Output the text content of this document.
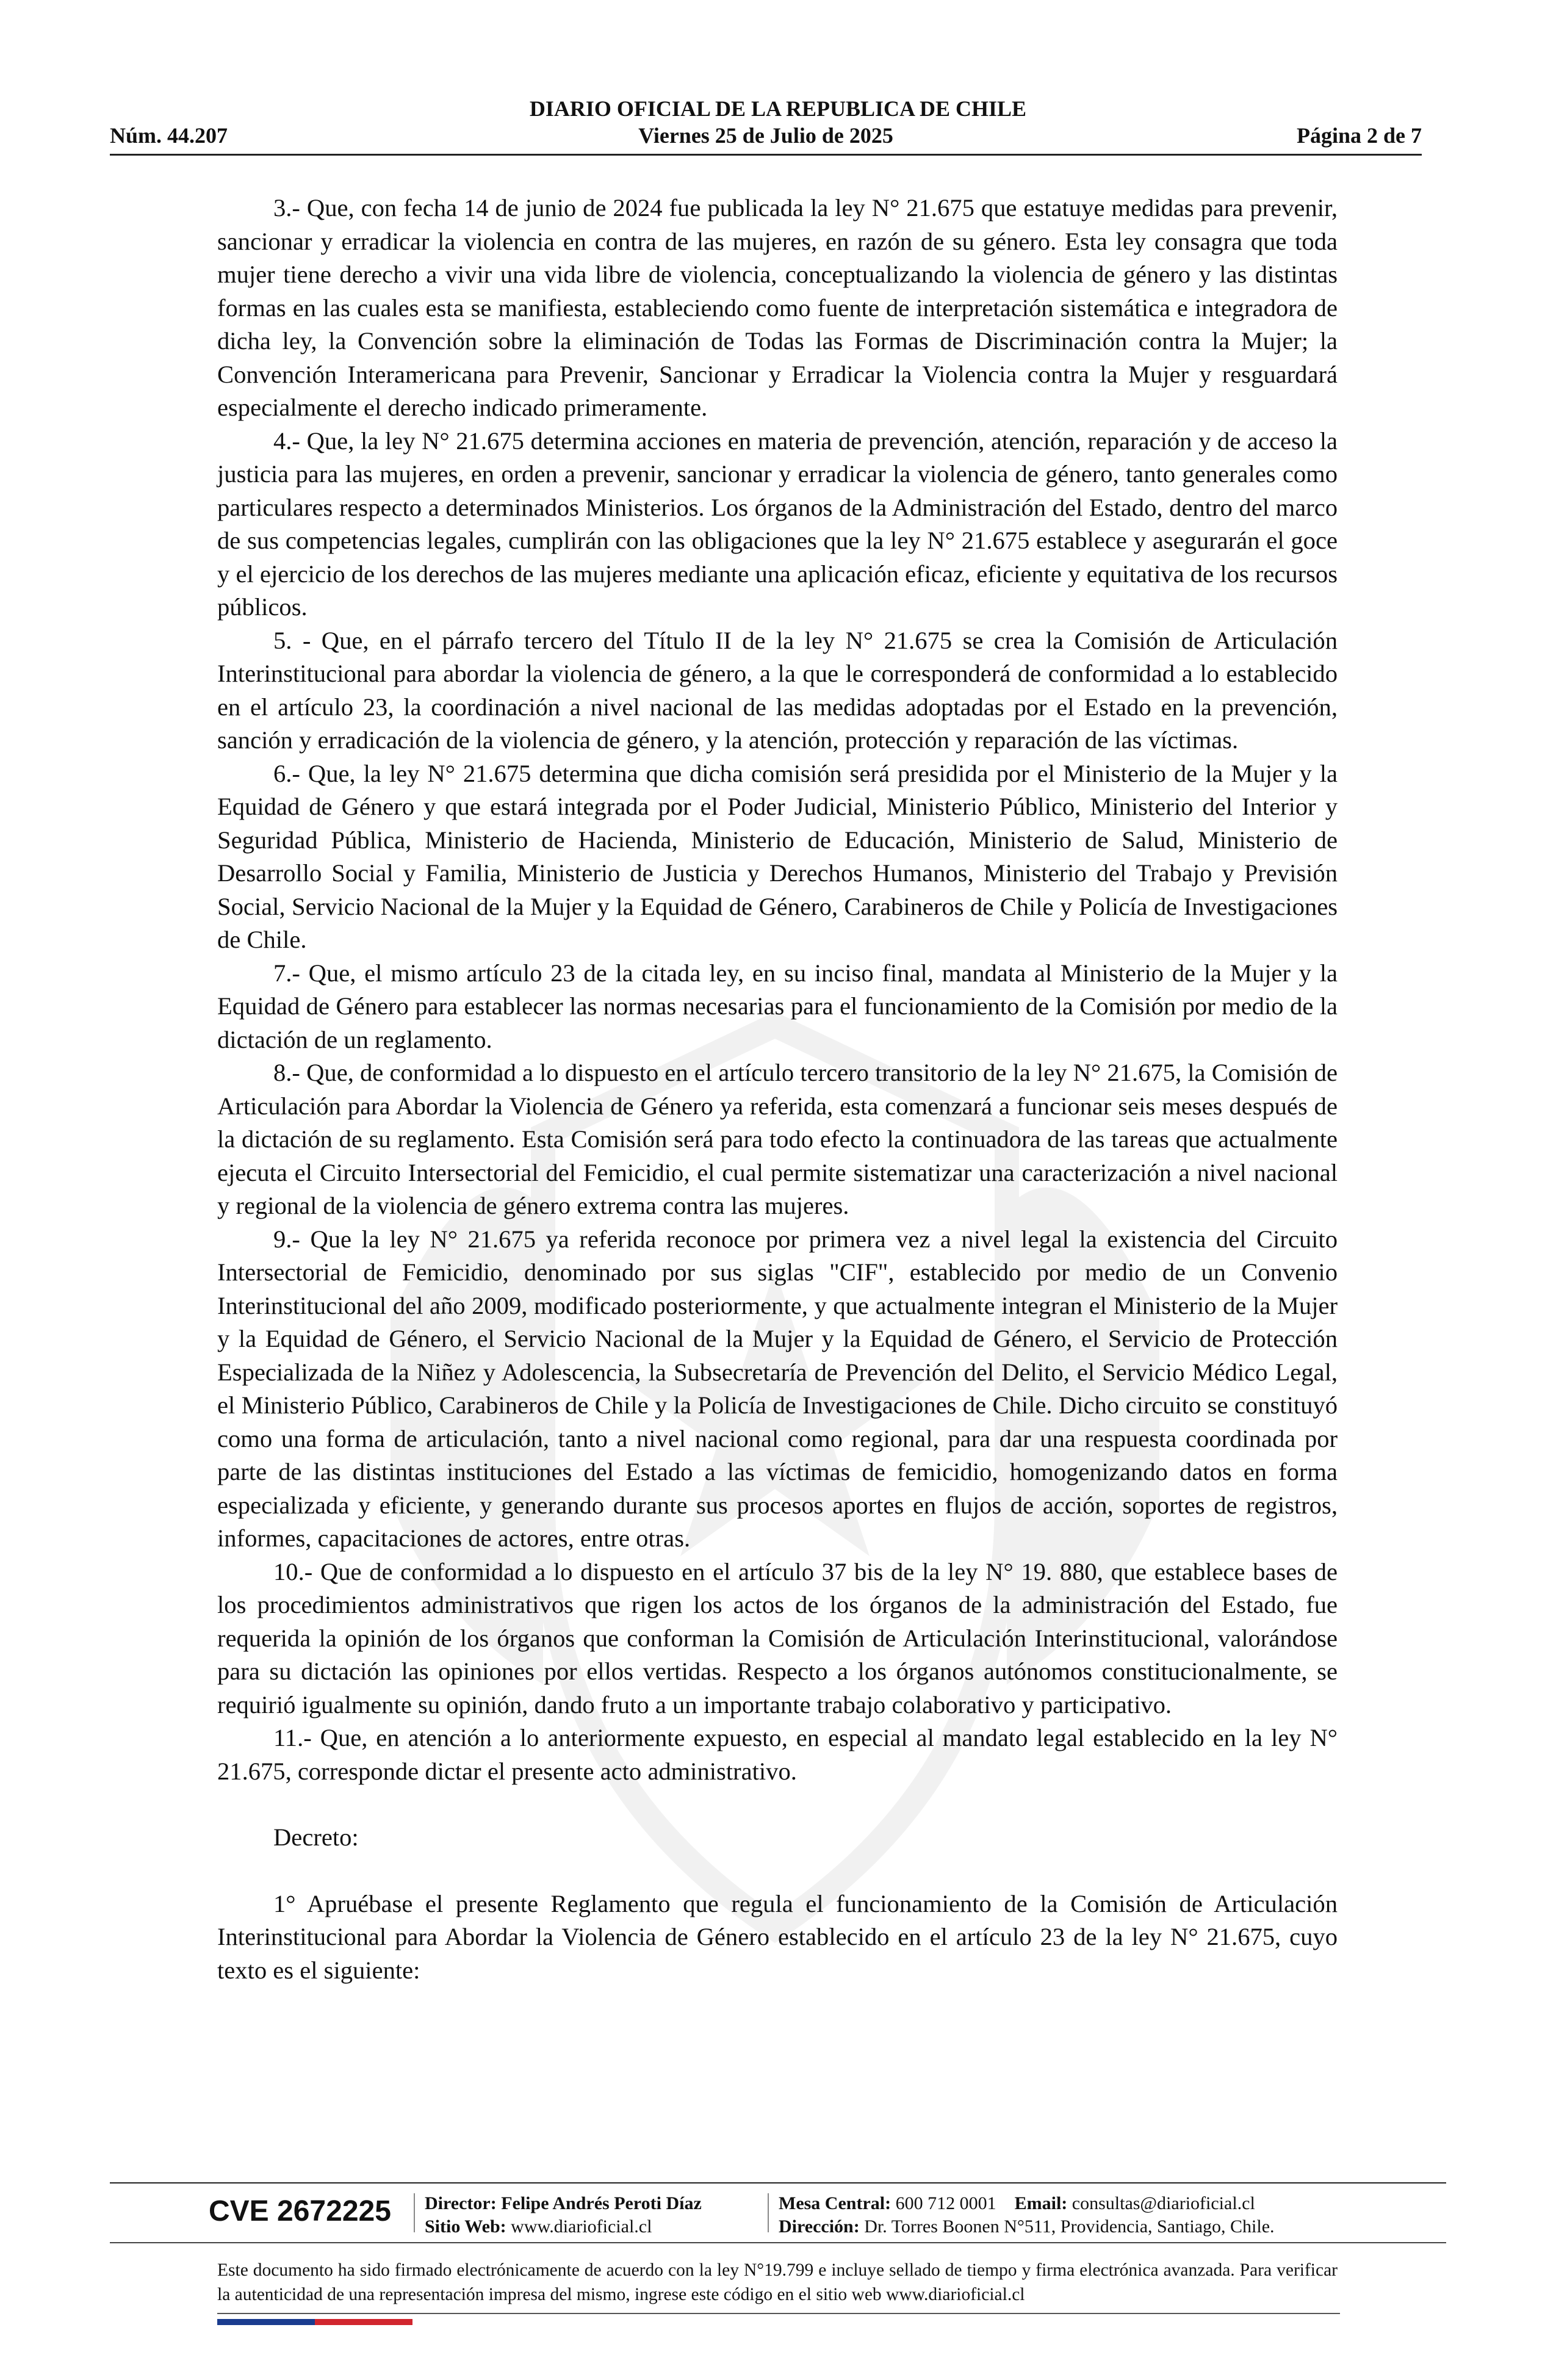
DIARIO OFICIAL DE LA REPUBLICA DE CHILE
Viernes 25 de Julio de 2025
Núm. 44.207	Página 2 de 7

3.- Que, con fecha 14 de junio de 2024 fue publicada la ley N° 21.675 que estatuye medidas para prevenir, sancionar y erradicar la violencia en contra de las mujeres, en razón de su género. Esta ley consagra que toda mujer tiene derecho a vivir una vida libre de violencia, conceptualizando la violencia de género y las distintas formas en las cuales esta se manifiesta, estableciendo como fuente de interpretación sistemática e integradora de dicha ley, la Convención sobre la eliminación de Todas las Formas de Discriminación contra la Mujer; la Convención Interamericana para Prevenir, Sancionar y Erradicar la Violencia contra la Mujer y resguardará especialmente el derecho indicado primeramente.

4.- Que, la ley N° 21.675 determina acciones en materia de prevención, atención, reparación y de acceso la justicia para las mujeres, en orden a prevenir, sancionar y erradicar la violencia de género, tanto generales como particulares respecto a determinados Ministerios. Los órganos de la Administración del Estado, dentro del marco de sus competencias legales, cumplirán con las obligaciones que la ley N° 21.675 establece y asegurarán el goce y el ejercicio de los derechos de las mujeres mediante una aplicación eficaz, eficiente y equitativa de los recursos públicos.

5. - Que, en el párrafo tercero del Título II de la ley N° 21.675 se crea la Comisión de Articulación Interinstitucional para abordar la violencia de género, a la que le corresponderá de conformidad a lo establecido en el artículo 23, la coordinación a nivel nacional de las medidas adoptadas por el Estado en la prevención, sanción y erradicación de la violencia de género, y la atención, protección y reparación de las víctimas.

6.- Que, la ley N° 21.675 determina que dicha comisión será presidida por el Ministerio de la Mujer y la Equidad de Género y que estará integrada por el Poder Judicial, Ministerio Público, Ministerio del Interior y Seguridad Pública, Ministerio de Hacienda, Ministerio de Educación, Ministerio de Salud, Ministerio de Desarrollo Social y Familia, Ministerio de Justicia y Derechos Humanos, Ministerio del Trabajo y Previsión Social, Servicio Nacional de la Mujer y la Equidad de Género, Carabineros de Chile y Policía de Investigaciones de Chile.

7.- Que, el mismo artículo 23 de la citada ley, en su inciso final, mandata al Ministerio de la Mujer y la Equidad de Género para establecer las normas necesarias para el funcionamiento de la Comisión por medio de la dictación de un reglamento.

8.- Que, de conformidad a lo dispuesto en el artículo tercero transitorio de la ley N° 21.675, la Comisión de Articulación para Abordar la Violencia de Género ya referida, esta comenzará a funcionar seis meses después de la dictación de su reglamento. Esta Comisión será para todo efecto la continuadora de las tareas que actualmente ejecuta el Circuito Intersectorial del Femicidio, el cual permite sistematizar una caracterización a nivel nacional y regional de la violencia de género extrema contra las mujeres.

9.- Que la ley N° 21.675 ya referida reconoce por primera vez a nivel legal la existencia del Circuito Intersectorial de Femicidio, denominado por sus siglas "CIF", establecido por medio de un Convenio Interinstitucional del año 2009, modificado posteriormente, y que actualmente integran el Ministerio de la Mujer y la Equidad de Género, el Servicio Nacional de la Mujer y la Equidad de Género, el Servicio de Protección Especializada de la Niñez y Adolescencia, la Subsecretaría de Prevención del Delito, el Servicio Médico Legal, el Ministerio Público, Carabineros de Chile y la Policía de Investigaciones de Chile. Dicho circuito se constituyó como una forma de articulación, tanto a nivel nacional como regional, para dar una respuesta coordinada por parte de las distintas instituciones del Estado a las víctimas de femicidio, homogenizando datos en forma especializada y eficiente, y generando durante sus procesos aportes en flujos de acción, soportes de registros, informes, capacitaciones de actores, entre otras.

10.- Que de conformidad a lo dispuesto en el artículo 37 bis de la ley N° 19. 880, que establece bases de los procedimientos administrativos que rigen los actos de los órganos de la administración del Estado, fue requerida la opinión de los órganos que conforman la Comisión de Articulación Interinstitucional, valorándose para su dictación las opiniones por ellos vertidas. Respecto a los órganos autónomos constitucionalmente, se requirió igualmente su opinión, dando fruto a un importante trabajo colaborativo y participativo.

11.- Que, en atención a lo anteriormente expuesto, en especial al mandato legal establecido en la ley N° 21.675, corresponde dictar el presente acto administrativo.

Decreto:

1° Apruébase el presente Reglamento que regula el funcionamiento de la Comisión de Articulación Interinstitucional para Abordar la Violencia de Género establecido en el artículo 23 de la ley N° 21.675, cuyo texto es el siguiente:

CVE 2672225 Director: Felipe Andrés Peroti Díaz
Sitio Web: www.diarioficial.cl
Mesa Central: 600 712 0001 Email: consultas@diarioficial.cl
Dirección: Dr. Torres Boonen N°511, Providencia, Santiago, Chile.
Este documento ha sido firmado electrónicamente de acuerdo con la ley N°19.799 e incluye sellado de tiempo y firma electrónica avanzada. Para verificar la autenticidad de una representación impresa del mismo, ingrese este código en el sitio web www.diarioficial.cl
